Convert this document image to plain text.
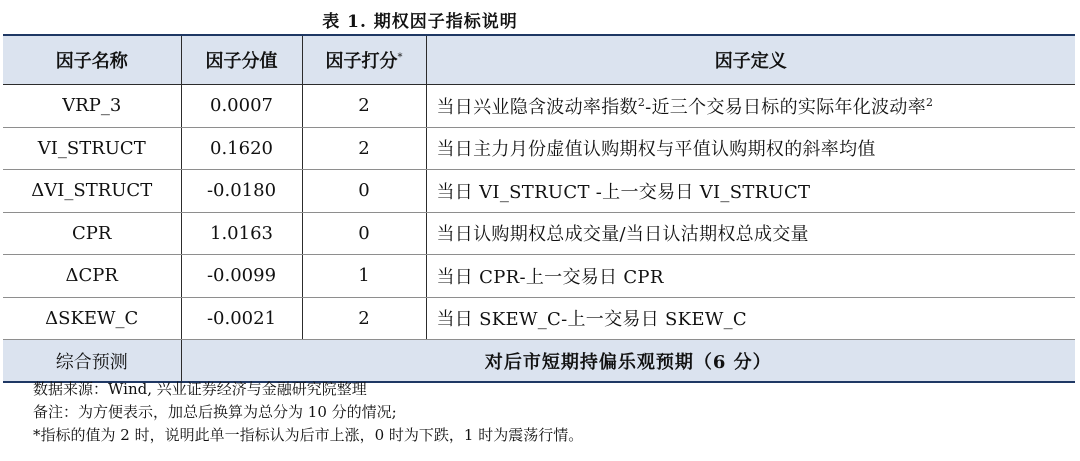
表 1. 期权因子指标说明
因子名称	因子分值	因子打分*	因子定义
VRP_3	0.0007	2	当日兴业隐含波动率指数$^2$-近三个交易日标的实际年化波动率$^2$
VI_STRUCT	0.1620	2	当日主力月份虚值认购期权与平值认购期权的斜率均值
ΔVI_STRUCT	-0.0180	0	当日 VI_STRUCT -上一交易日 VI_STRUCT
CPR	1.0163	0	当日认购期权总成交量/当日认沽期权总成交量
ΔCPR	-0.0099	1	当日 CPR-上一交易日 CPR
ΔSKEW_C	-0.0021	2	当日 SKEW_C-上一交易日 SKEW_C
综合预测	对后市短期持偏乐观预期（6 分）		
数据来源：Wind, 兴业证券经济与金融研究院整理
备注：为方便表示，加总后换算为总分为 10 分的情况;
*指标的值为 2 时，说明此单一指标认为后市上涨，0 时为下跌，1 时为震荡行情。
